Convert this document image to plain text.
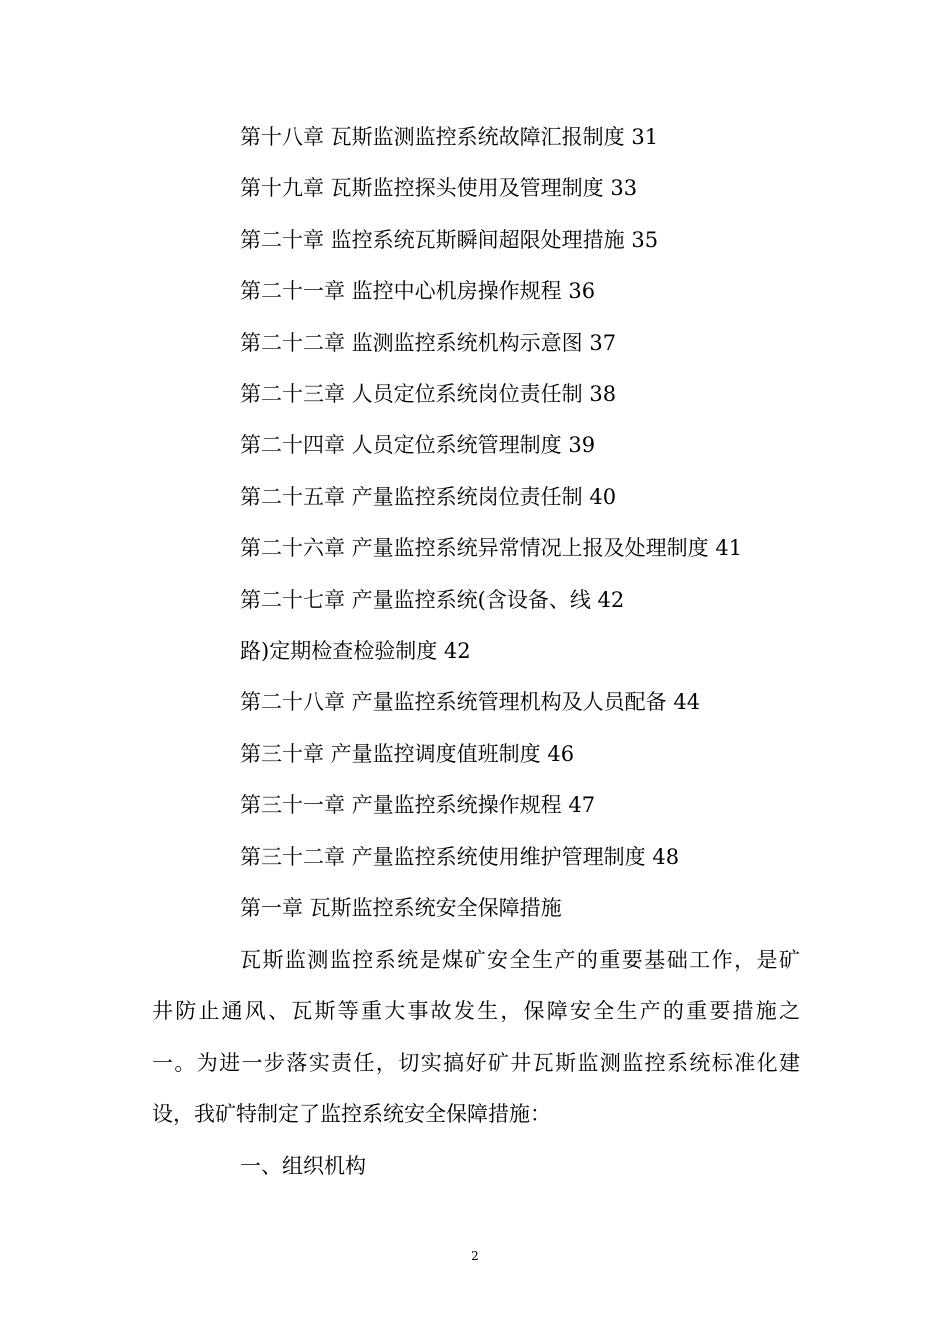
第十八章 瓦斯监测监控系统故障汇报制度 31
第十九章 瓦斯监控探头使用及管理制度 33
第二十章 监控系统瓦斯瞬间超限处理措施 35
第二十一章 监控中心机房操作规程 36
第二十二章 监测监控系统机构示意图 37
第二十三章 人员定位系统岗位责任制 38
第二十四章 人员定位系统管理制度 39
第二十五章 产量监控系统岗位责任制 40
第二十六章 产量监控系统异常情况上报及处理制度 41
第二十七章 产量监控系统(含设备、线 42
路)定期检查检验制度 42
第二十八章 产量监控系统管理机构及人员配备 44
第三十章 产量监控调度值班制度 46
第三十一章 产量监控系统操作规程 47
第三十二章 产量监控系统使用维护管理制度 48
第一章 瓦斯监控系统安全保障措施
瓦斯监测监控系统是煤矿安全生产的重要基础工作，是矿
井防止通风、瓦斯等重大事故发生，保障安全生产的重要措施之
一。为进一步落实责任，切实搞好矿井瓦斯监测监控系统标准化建
设，我矿特制定了监控系统安全保障措施：
一、组织机构
2
